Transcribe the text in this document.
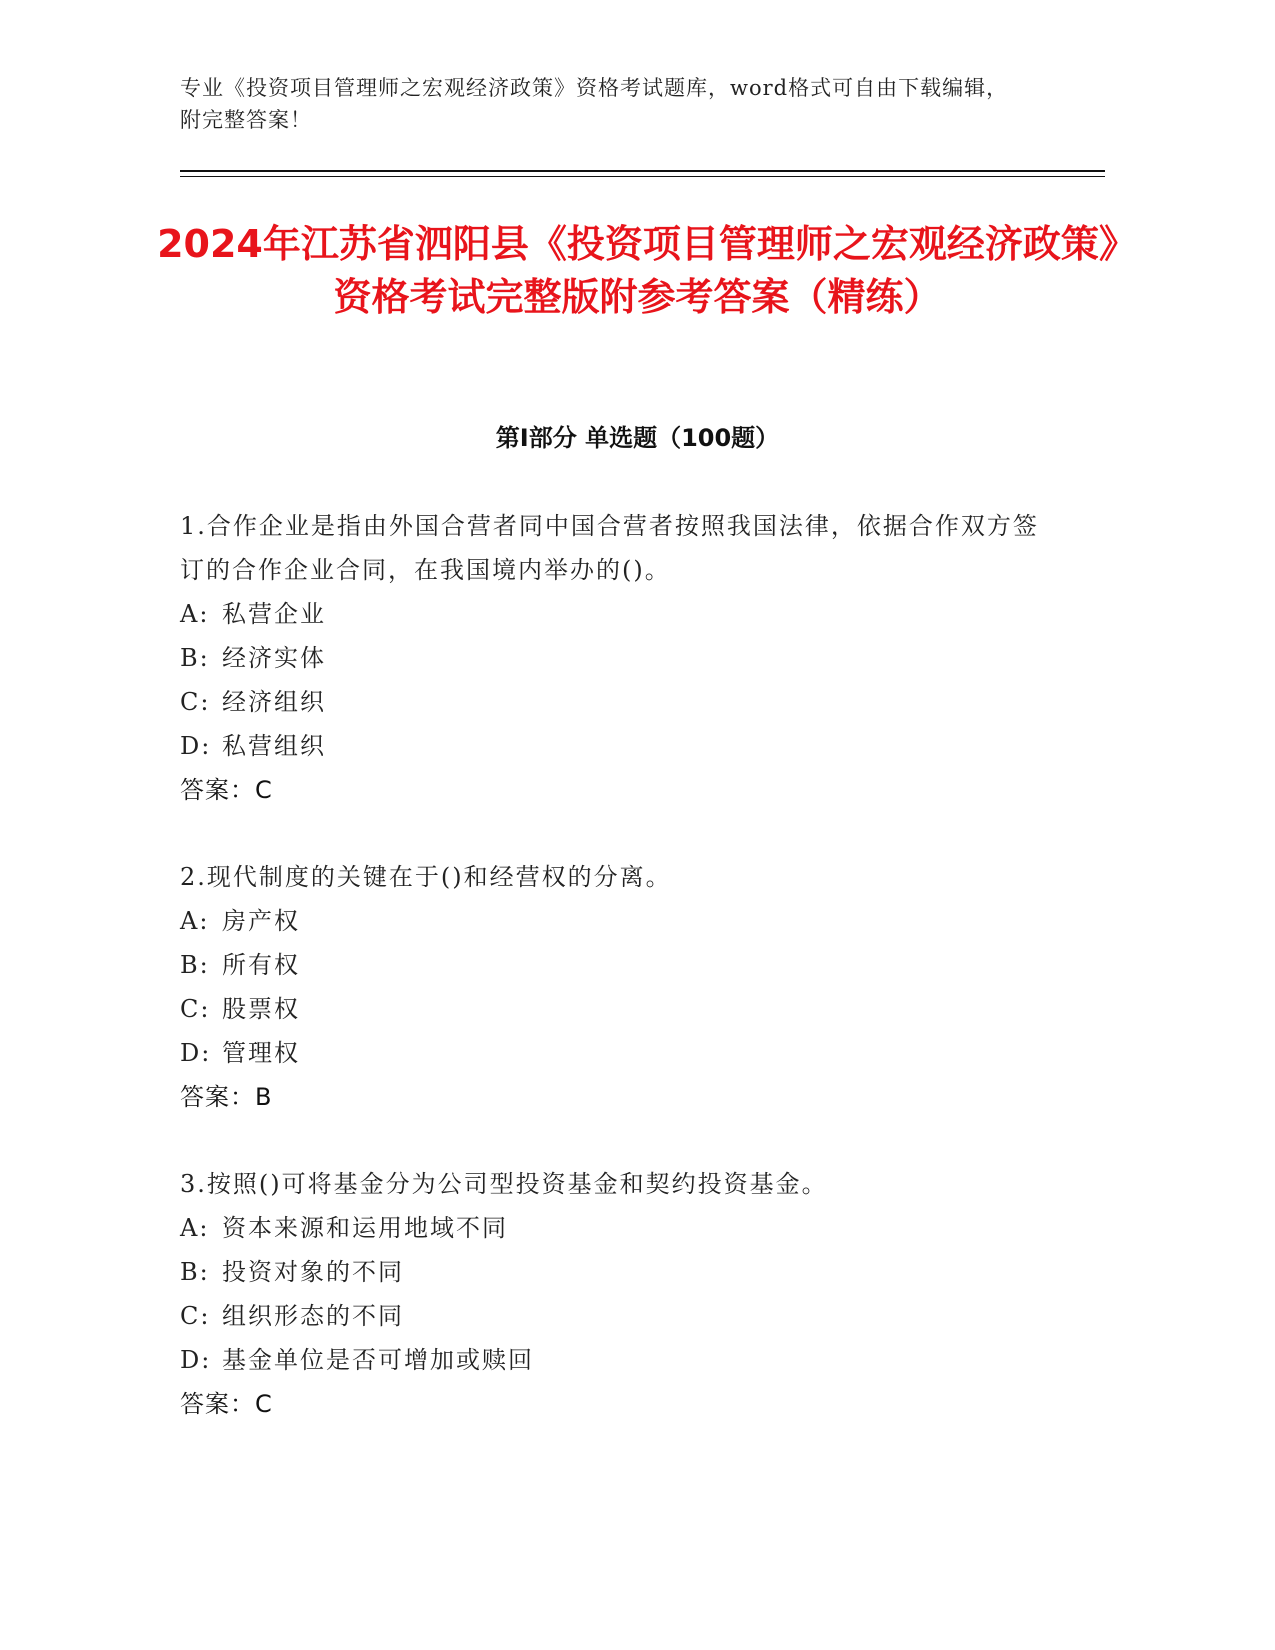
专业《投资项目管理师之宏观经济政策》资格考试题库，word格式可自由下载编辑，附完整答案！
2024年江苏省泗阳县《投资项目管理师之宏观经济政策》资格考试完整版附参考答案（精练）
第Ⅰ部分 单选题（100题）
1.合作企业是指由外国合营者同中国合营者按照我国法律，依据合作双方签订的合作企业合同，在我国境内举办的()。
A: 私营企业
B: 经济实体
C: 经济组织
D: 私营组织
答案：C
2.现代制度的关键在于()和经营权的分离。
A: 房产权
B: 所有权
C: 股票权
D: 管理权
答案：B
3.按照()可将基金分为公司型投资基金和契约投资基金。
A: 资本来源和运用地域不同
B: 投资对象的不同
C: 组织形态的不同
D: 基金单位是否可增加或赎回
答案：C
